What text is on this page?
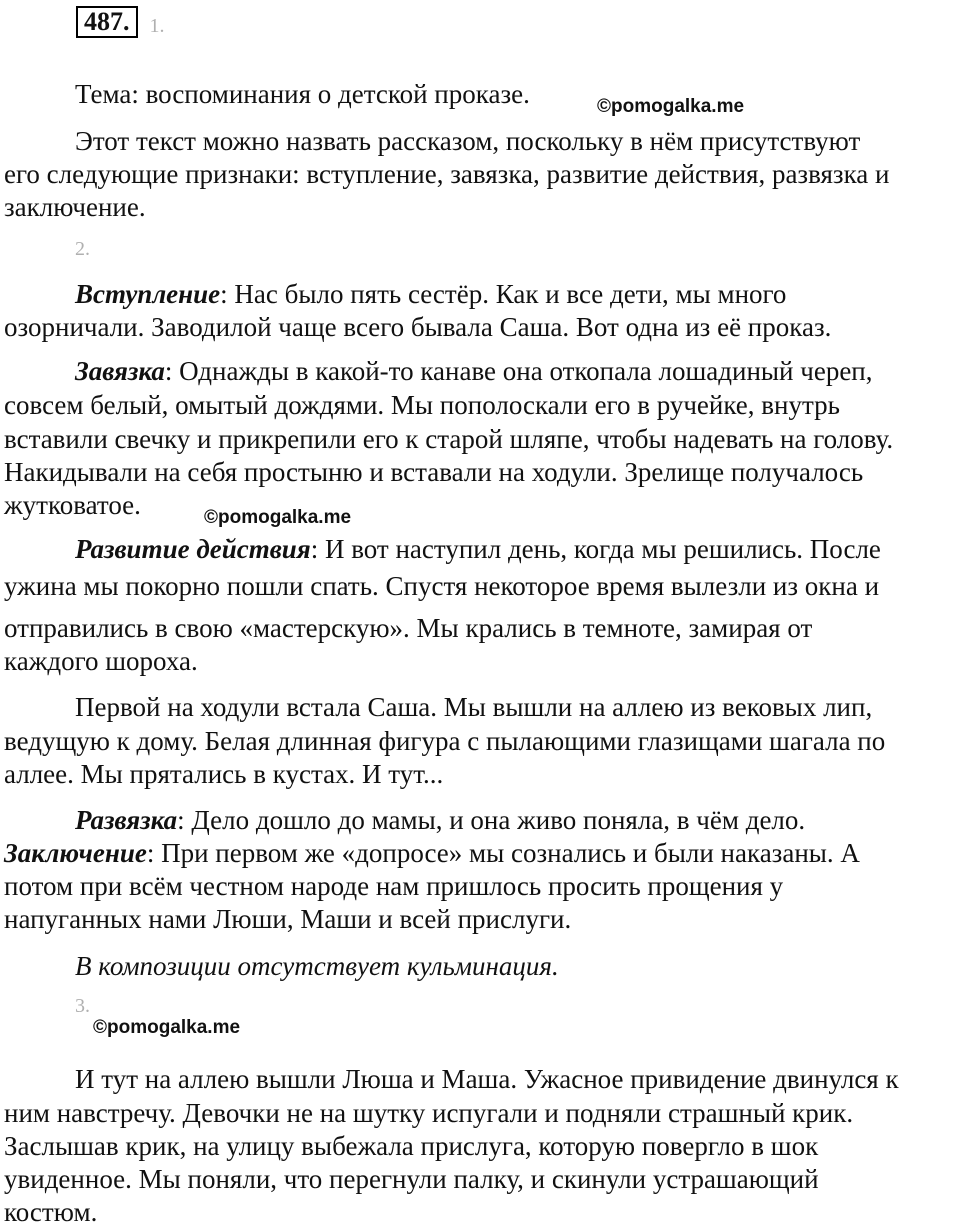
487. 1.
Тема: воспоминания о детской проказе.	©pomogalka.me
Этот текст можно назвать рассказом, поскольку в нём присутствуют
его следующие признаки: вступление, завязка, развитие действия, развязка и
заключение.
2.
Вступление: Нас было пять сестёр. Как и все дети, мы много
озорничали. Заводилой чаще всего бывала Саша. Вот одна из её проказ.
Завязка: Однажды в какой-то канаве она откопала лошадиный череп,
совсем белый, омытый дождями. Мы пополоскали его в ручейке, внутрь
вставили свечку и прикрепили его к старой шляпе, чтобы надевать на голову.
Накидывали на себя простыню и вставали на ходули. Зрелище получалось
жутковатое.	©pomogalka.me
Развитие действия: И вот наступил день, когда мы решились. После
ужина мы покорно пошли спать. Спустя некоторое время вылезли из окна и
отправились в свою «мастерскую». Мы крались в темноте, замирая от
каждого шороха.
Первой на ходули встала Саша. Мы вышли на аллею из вековых лип,
ведущую к дому. Белая длинная фигура с пылающими глазищами шагала по
аллее. Мы прятались в кустах. И тут...
Развязка: Дело дошло до мамы, и она живо поняла, в чём дело.
Заключение: При первом же «допросе» мы сознались и были наказаны. А
потом при всём честном народе нам пришлось просить прощения у
напуганных нами Люши, Маши и всей прислуги.
В композиции отсутствует кульминация.
3.
©pomogalka.me
И тут на аллею вышли Люша и Маша. Ужасное привидение двинулся к
ним навстречу. Девочки не на шутку испугали и подняли страшный крик.
Заслышав крик, на улицу выбежала прислуга, которую повергло в шок
увиденное. Мы поняли, что перегнули палку, и скинули устрашающий
костюм.
